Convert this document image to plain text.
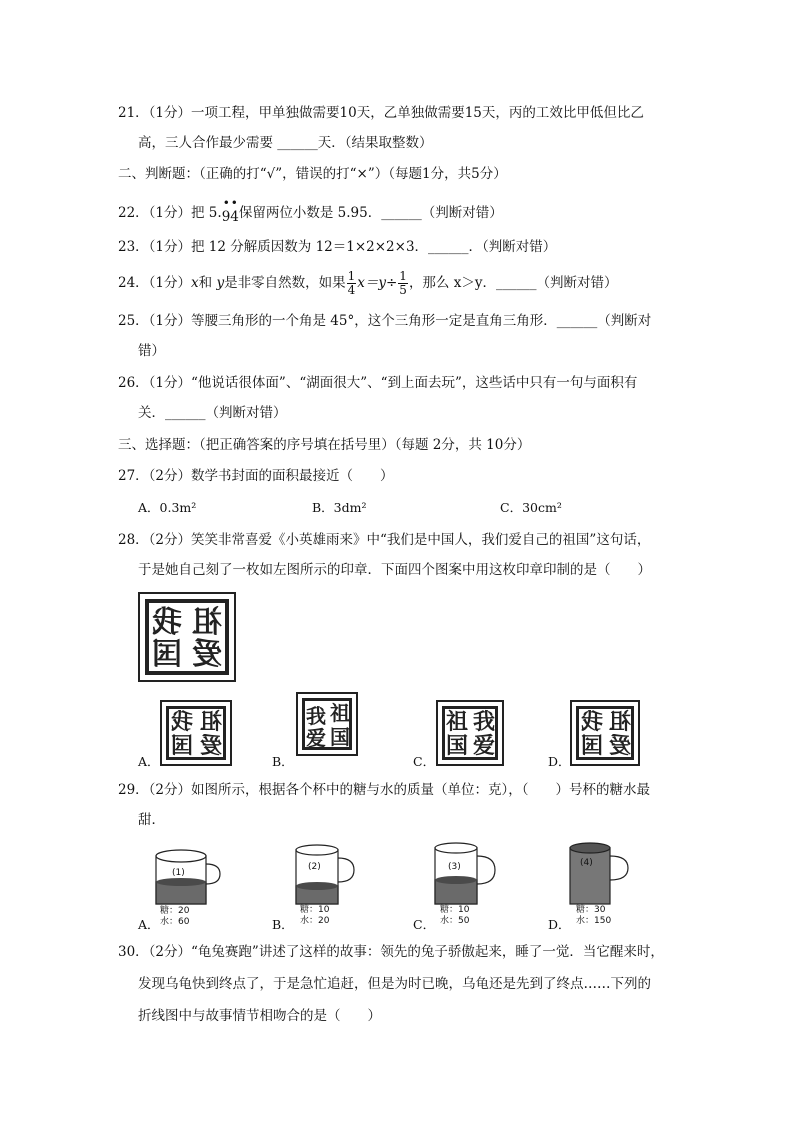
21．（1分）一项工程，甲单独做需要10天，乙单独做需要15天，丙的工效比甲低但比乙
高，三人合作最少需要 ______天．（结果取整数）
二、判断题：（正确的打“√”，错误的打“×”）（每题1分，共5分）
22．（1分）把 5.
••
94保留两位小数是 5.95．______（判断对错）
23．（1分）把 12 分解质因数为 12＝1×2×2×3．______．（判断对错）
24．（1分）x和 y是非零自然数，如果 $\frac{1}{4} x=y\div \frac{1}{5}$ ，那么 x＞y．______（判断对错）
25．（1分）等腰三角形的一个角是 45°，这个三角形一定是直角三角形．______（判断对
错）
26．（1分）“他说话很体面”、“湖面很大”、“到上面去玩”，这些话中只有一句与面积有
关．______（判断对错）
三、选择题：（把正确答案的序号填在括号里）（每题 2分，共 10分）
27．（2分）数学书封面的面积最接近（　　）
A．0.3m²	B．3dm²	C．30cm²
28．（2分）笑笑非常喜爱《小英雄雨来》中“我们是中国人，我们爱自己的祖国”这句话，
于是她自己刻了一枚如左图所示的印章．下面四个图案中用这枚印章印制的是（　　）
我
国
祖
爱
A．
我
国
祖
爱
B．
我
爱
祖
国
C．
祖
国
我
爱
D．
我
国
祖
爱
29．（2分）如图所示，根据各个杯中的糖与水的质量（单位：克），（　　）号杯的糖水最
甜．
A．
(1)
糖：20
水：60	B．
(2)
糖：10
水：20	C．
(3)
糖：10
水：50	D．
(4)
糖：30
水：150
30．（2分）“龟兔赛跑”讲述了这样的故事：领先的兔子骄傲起来，睡了一觉．当它醒来时，
发现乌龟快到终点了，于是急忙追赶，但是为时已晚，乌龟还是先到了终点……下列的
折线图中与故事情节相吻合的是（　　）
